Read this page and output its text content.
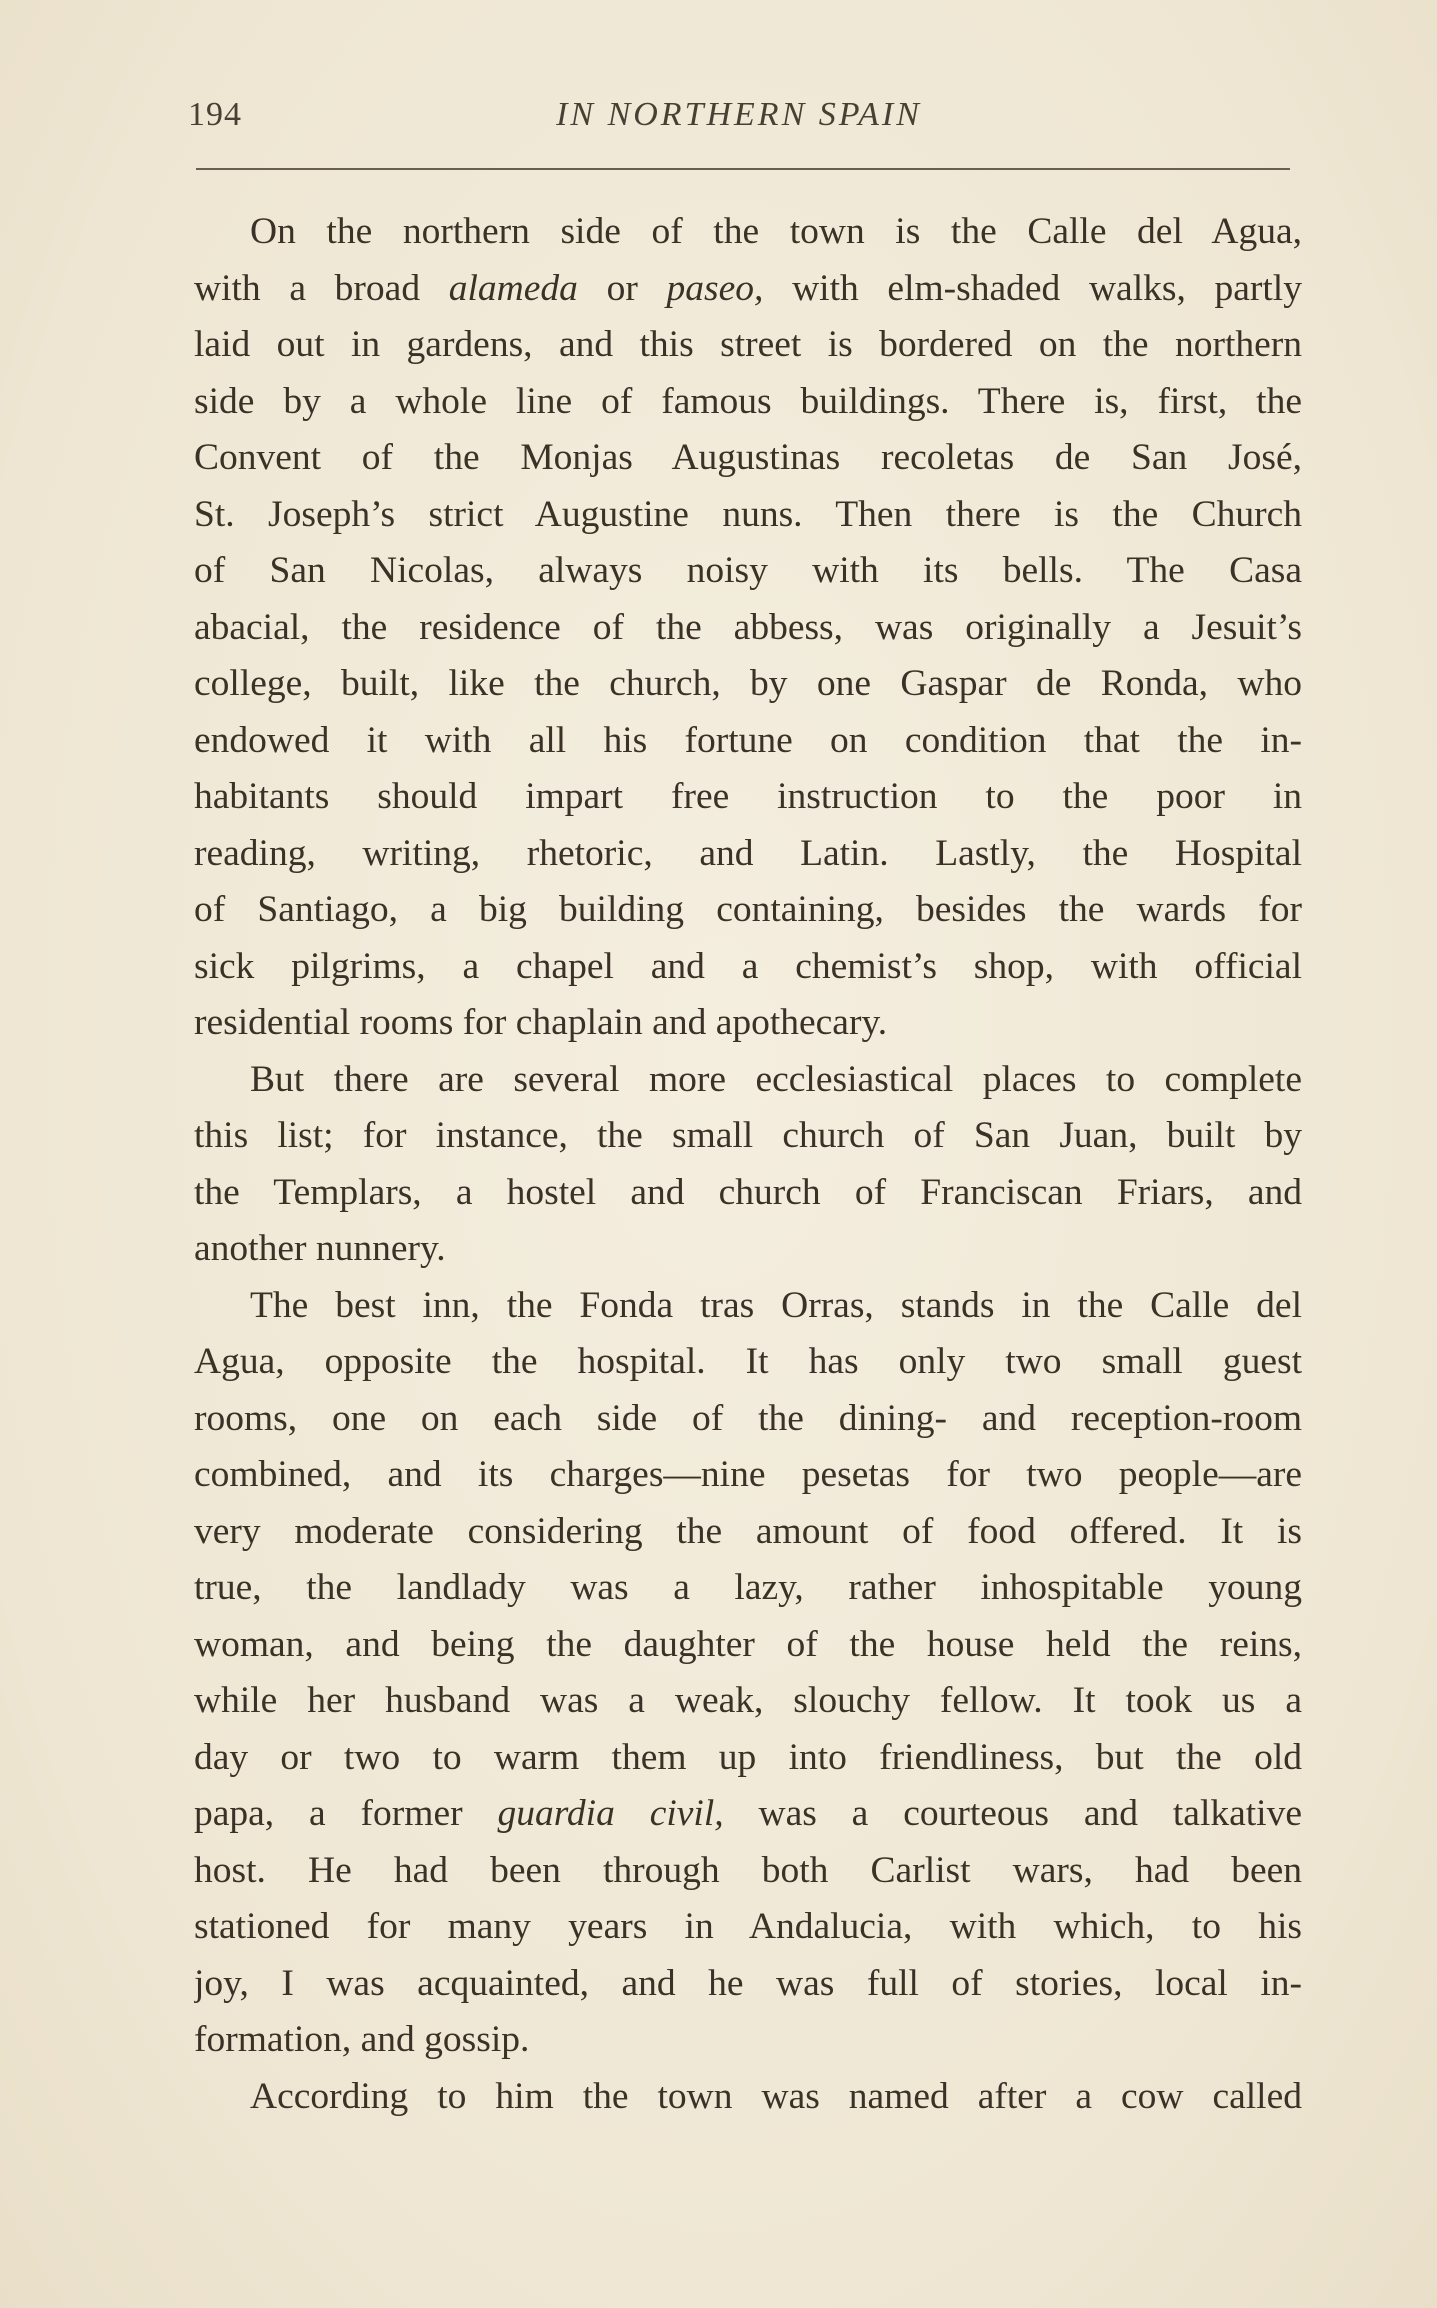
194	IN NORTHERN SPAIN
On the northern side of the town is the Calle del Agua,
with a broad alameda or paseo, with elm-shaded walks, partly
laid out in gardens, and this street is bordered on the northern
side by a whole line of famous buildings. There is, first, the
Convent of the Monjas Augustinas recoletas de San José,
St. Joseph’s strict Augustine nuns. Then there is the Church
of San Nicolas, always noisy with its bells. The Casa
abacial, the residence of the abbess, was originally a Jesuit’s
college, built, like the church, by one Gaspar de Ronda, who
endowed it with all his fortune on condition that the in-
habitants should impart free instruction to the poor in
reading, writing, rhetoric, and Latin. Lastly, the Hospital
of Santiago, a big building containing, besides the wards for
sick pilgrims, a chapel and a chemist’s shop, with official
residential rooms for chaplain and apothecary.
But there are several more ecclesiastical places to complete
this list; for instance, the small church of San Juan, built by
the Templars, a hostel and church of Franciscan Friars, and
another nunnery.
The best inn, the Fonda tras Orras, stands in the Calle del
Agua, opposite the hospital. It has only two small guest
rooms, one on each side of the dining- and reception-room
combined, and its charges—nine pesetas for two people—are
very moderate considering the amount of food offered. It is
true, the landlady was a lazy, rather inhospitable young
woman, and being the daughter of the house held the reins,
while her husband was a weak, slouchy fellow. It took us a
day or two to warm them up into friendliness, but the old
papa, a former guardia civil, was a courteous and talkative
host. He had been through both Carlist wars, had been
stationed for many years in Andalucia, with which, to his
joy, I was acquainted, and he was full of stories, local in-
formation, and gossip.
According to him the town was named after a cow called
